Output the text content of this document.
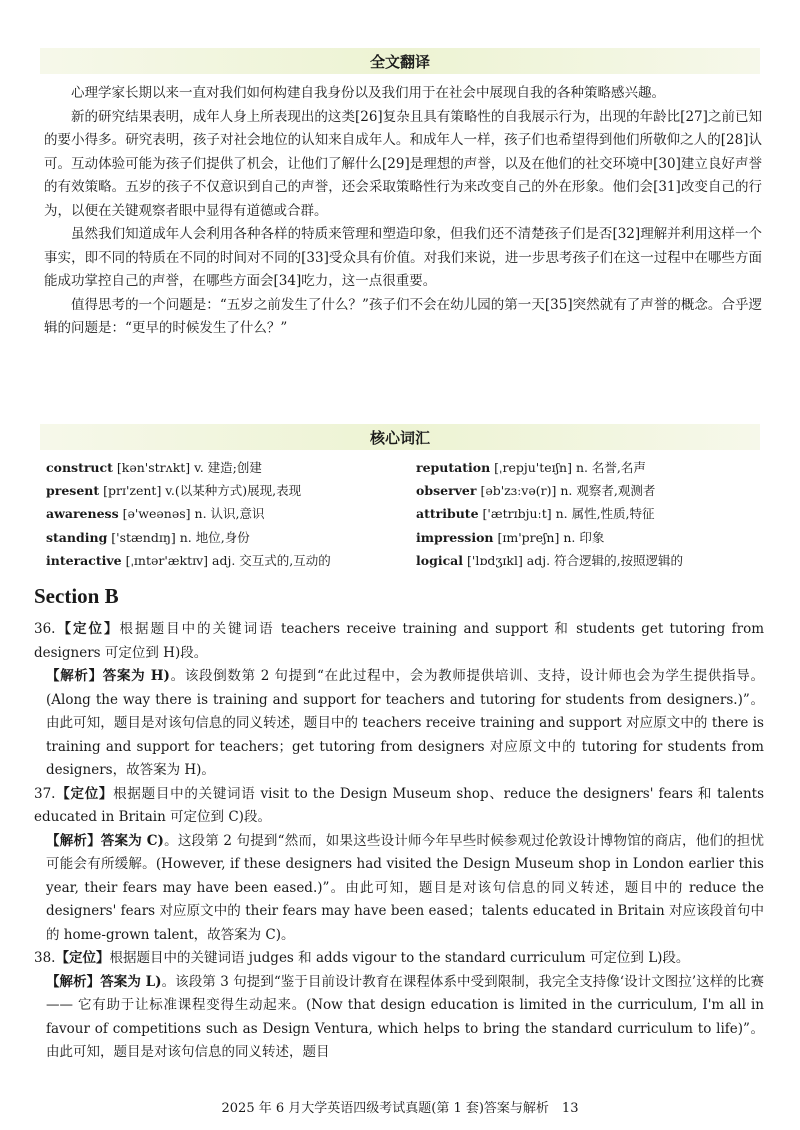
全文翻译

心理学家长期以来一直对我们如何构建自我身份以及我们用于在社会中展现自我的各种策略感兴趣。

新的研究结果表明，成年人身上所表现出的这类[26]复杂且具有策略性的自我展示行为，出现的年龄比[27]之前已知的要小得多。研究表明，孩子对社会地位的认知来自成年人。和成年人一样，孩子们也希望得到他们所敬仰之人的[28]认可。互动体验可能为孩子们提供了机会，让他们了解什么[29]是理想的声誉，以及在他们的社交环境中[30]建立良好声誉的有效策略。五岁的孩子不仅意识到自己的声誉，还会采取策略性行为来改变自己的外在形象。他们会[31]改变自己的行为，以便在关键观察者眼中显得有道德或合群。

虽然我们知道成年人会利用各种各样的特质来管理和塑造印象，但我们还不清楚孩子们是否[32]理解并利用这样一个事实，即不同的特质在不同的时间对不同的[33]受众具有价值。对我们来说，进一步思考孩子们在这一过程中在哪些方面能成功掌控自己的声誉，在哪些方面会[34]吃力，这一点很重要。

值得思考的一个问题是：“五岁之前发生了什么？”孩子们不会在幼儿园的第一天[35]突然就有了声誉的概念。合乎逻辑的问题是：“更早的时候发生了什么？”

核心词汇
construct [kən'strʌkt] v. 建造;创建
present [prɪ'zent] v.(以某种方式)展现,表现
awareness [ə'weənəs] n. 认识,意识
standing ['stændɪŋ] n. 地位,身份
interactive [ˌɪntər'æktɪv] adj. 交互式的,互动的
reputation [ˌrepju'teɪʃn] n. 名誉,名声
observer [əb'zɜːvə(r)] n. 观察者,观测者
attribute ['ætrɪbjuːt] n. 属性,性质,特征
impression [ɪm'preʃn] n. 印象
logical ['lɒdʒɪkl] adj. 符合逻辑的,按照逻辑的
Section B

36.【定位】根据题目中的关键词语 teachers receive training and support 和 students get tutoring from designers 可定位到 H)段。

【解析】答案为 H)。该段倒数第 2 句提到“在此过程中，会为教师提供培训、支持，设计师也会为学生提供指导。(Along the way there is training and support for teachers and tutoring for students from designers.)”。由此可知，题目是对该句信息的同义转述，题目中的 teachers receive training and support 对应原文中的 there is training and support for teachers；get tutoring from designers 对应原文中的 tutoring for students from designers，故答案为 H)。

37.【定位】根据题目中的关键词语 visit to the Design Museum shop、reduce the designers' fears 和 talents educated in Britain 可定位到 C)段。

【解析】答案为 C)。这段第 2 句提到“然而，如果这些设计师今年早些时候参观过伦敦设计博物馆的商店，他们的担忧可能会有所缓解。(However, if these designers had visited the Design Museum shop in London earlier this year, their fears may have been eased.)”。由此可知，题目是对该句信息的同义转述，题目中的 reduce the designers' fears 对应原文中的 their fears may have been eased；talents educated in Britain 对应该段首句中的 home-grown talent，故答案为 C)。

38.【定位】根据题目中的关键词语 judges 和 adds vigour to the standard curriculum 可定位到 L)段。

【解析】答案为 L)。该段第 3 句提到“鉴于目前设计教育在课程体系中受到限制，我完全支持像‘设计文图拉’这样的比赛—— 它有助于让标准课程变得生动起来。(Now that design education is limited in the curriculum, I'm all in favour of competitions such as Design Ventura, which helps to bring the standard curriculum to life)”。由此可知，题目是对该句信息的同义转述，题目

2025 年 6 月大学英语四级考试真题(第 1 套)答案与解析　13
